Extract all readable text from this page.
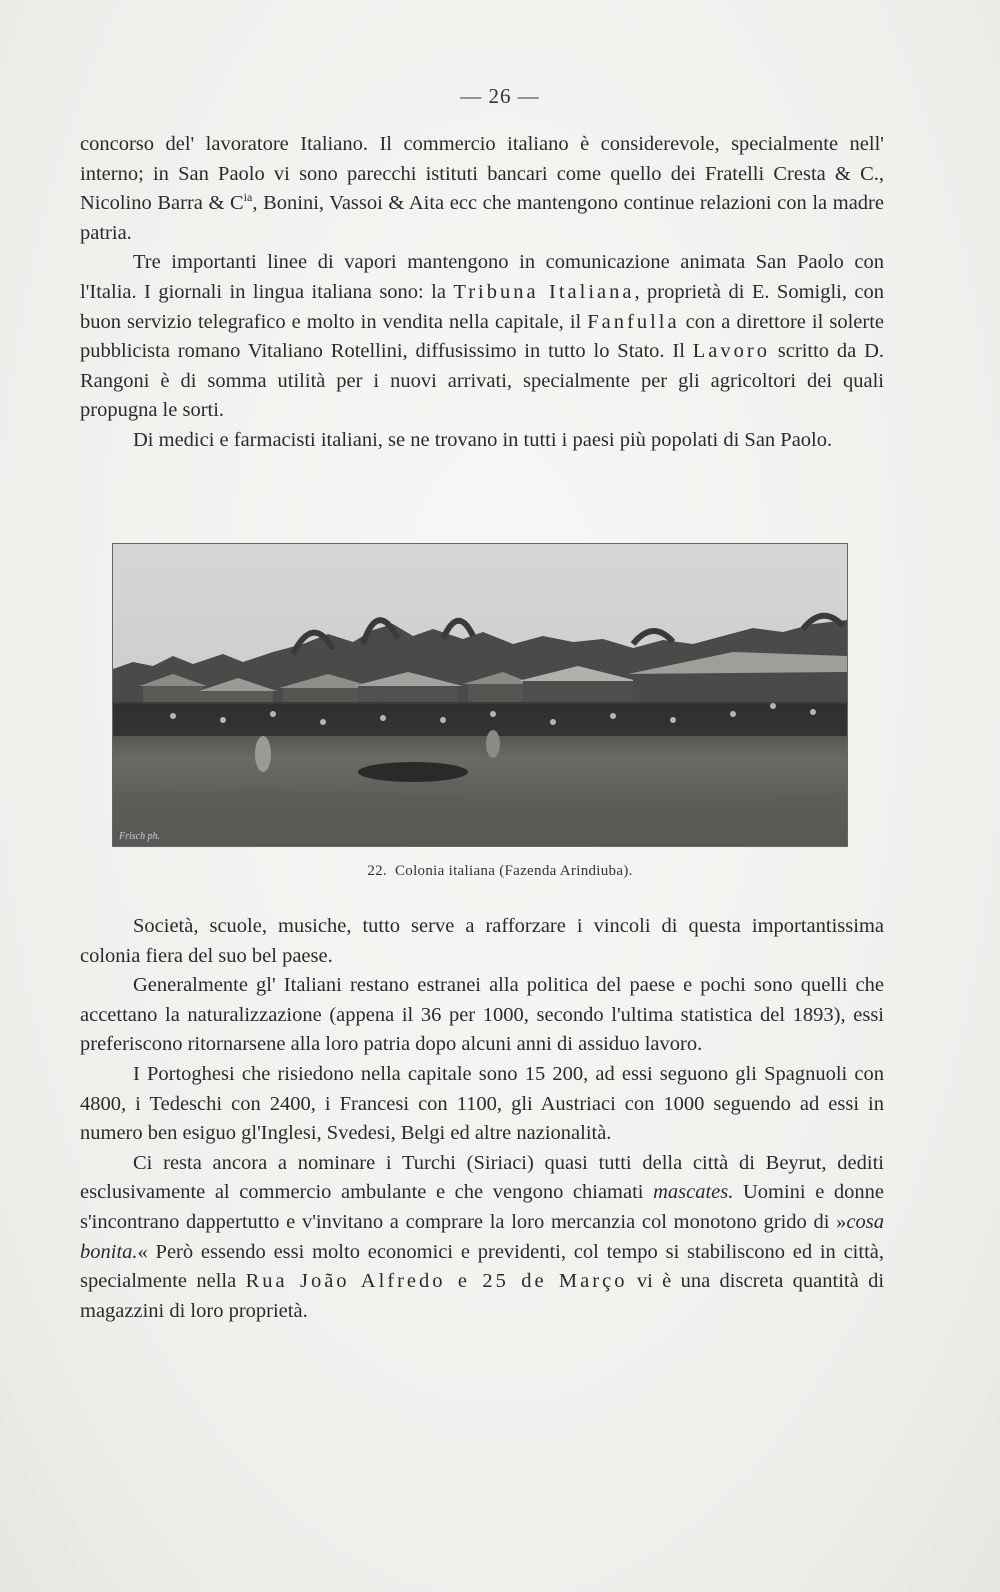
— 26 —

concorso del' lavoratore Italiano. Il commercio italiano è considerevole, specialmente nell' interno; in San Paolo vi sono parecchi istituti bancari come quello dei Fratelli Cresta & C., Nicolino Barra & $C^{ia}$, Bonini, Vassoi & Aita ecc che mantengono continue relazioni con la madre patria.

Tre importanti linee di vapori mantengono in comunicazione animata San Paolo con l'Italia. I giornali in lingua italiana sono: la Tribuna Italiana, proprietà di E. Somigli, con buon servizio telegrafico e molto in vendita nella capitale, il Fanfulla con a direttore il solerte pubblicista romano Vitaliano Rotellini, diffusissimo in tutto lo Stato. Il Lavoro scritto da D. Rangoni è di somma utilità per i nuovi arrivati, specialmente per gli agricoltori dei quali propugna le sorti.

Di medici e farmacisti italiani, se ne trovano in tutti i paesi più popolati di San Paolo.

Frisch ph.
22. Colonia italiana (Fazenda Arindiuba).

Società, scuole, musiche, tutto serve a rafforzare i vincoli di questa importantissima colonia fiera del suo bel paese.

Generalmente gl' Italiani restano estranei alla politica del paese e pochi sono quelli che accettano la naturalizzazione (appena il 36 per 1000, secondo l'ultima statistica del 1893), essi preferiscono ritornarsene alla loro patria dopo alcuni anni di assiduo lavoro.

I Portoghesi che risiedono nella capitale sono 15 200, ad essi seguono gli Spagnuoli con 4800, i Tedeschi con 2400, i Francesi con 1100, gli Austriaci con 1000 seguendo ad essi in numero ben esiguo gl'Inglesi, Svedesi, Belgi ed altre nazionalità.

Ci resta ancora a nominare i Turchi (Siriaci) quasi tutti della città di Beyrut, dediti esclusivamente al commercio ambulante e che vengono chiamati mascates. Uomini e donne s'incontrano dappertutto e v'invitano a comprare la loro mercanzia col monotono grido di »cosa bonita.« Però essendo essi molto economici e previdenti, col tempo si stabiliscono ed in città, specialmente nella Rua João Alfredo e 25 de Março vi è una discreta quantità di magazzini di loro proprietà.
